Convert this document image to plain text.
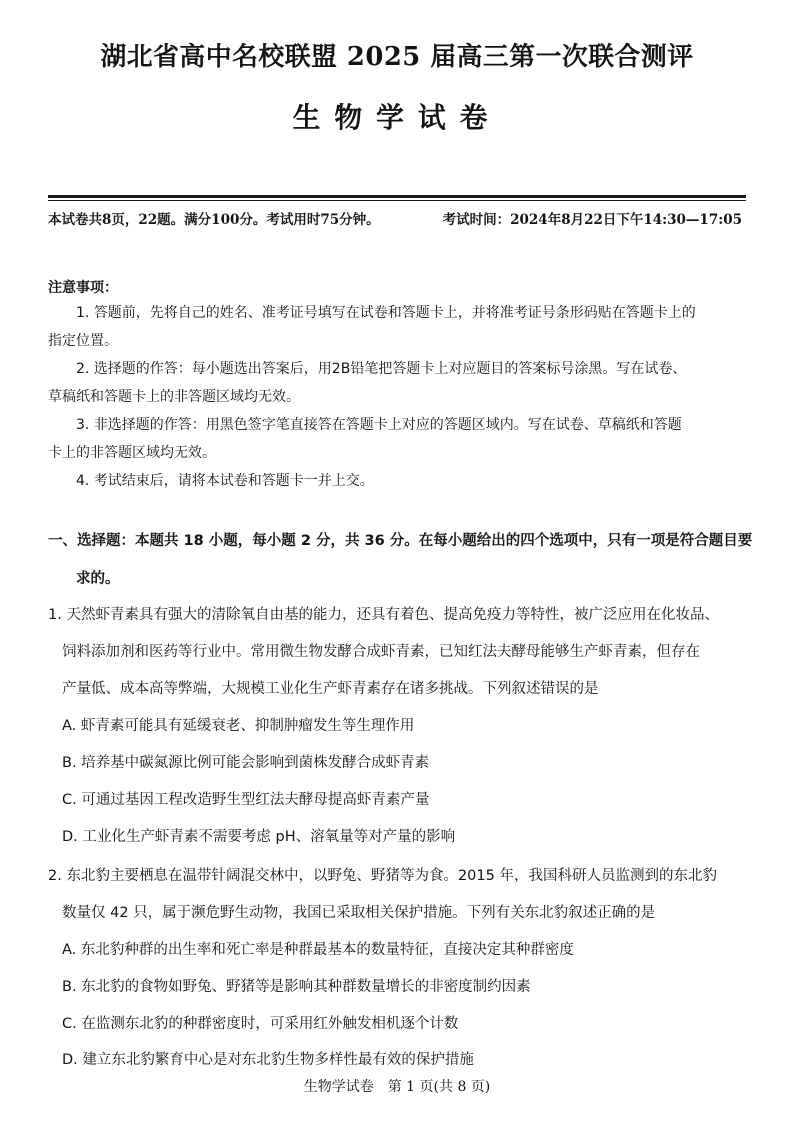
湖北省高中名校联盟 2025 届高三第一次联合测评
生物学试卷
本试卷共8页，22题。满分100分。考试用时75分钟。	考试时间：2024年8月22日下午14:30—17:05
注意事项：
1. 答题前，先将自己的姓名、准考证号填写在试卷和答题卡上，并将准考证号条形码贴在答题卡上的
指定位置。
2. 选择题的作答：每小题选出答案后，用2B铅笔把答题卡上对应题目的答案标号涂黑。写在试卷、
草稿纸和答题卡上的非答题区域均无效。
3. 非选择题的作答：用黑色签字笔直接答在答题卡上对应的答题区域内。写在试卷、草稿纸和答题
卡上的非答题区域均无效。
4. 考试结束后，请将本试卷和答题卡一并上交。
一、选择题：本题共 18 小题，每小题 2 分，共 36 分。在每小题给出的四个选项中，只有一项是符合题目要
求的。
1. 天然虾青素具有强大的清除氧自由基的能力，还具有着色、提高免疫力等特性，被广泛应用在化妆品、
饲料添加剂和医药等行业中。常用微生物发酵合成虾青素，已知红法夫酵母能够生产虾青素，但存在
产量低、成本高等弊端，大规模工业化生产虾青素存在诸多挑战。下列叙述错误的是
A. 虾青素可能具有延缓衰老、抑制肿瘤发生等生理作用
B. 培养基中碳氮源比例可能会影响到菌株发酵合成虾青素
C. 可通过基因工程改造野生型红法夫酵母提高虾青素产量
D. 工业化生产虾青素不需要考虑 pH、溶氧量等对产量的影响
2. 东北豹主要栖息在温带针阔混交林中，以野兔、野猪等为食。2015 年，我国科研人员监测到的东北豹
数量仅 42 只，属于濒危野生动物，我国已采取相关保护措施。下列有关东北豹叙述正确的是
A. 东北豹种群的出生率和死亡率是种群最基本的数量特征，直接决定其种群密度
B. 东北豹的食物如野兔、野猪等是影响其种群数量增长的非密度制约因素
C. 在监测东北豹的种群密度时，可采用红外触发相机逐个计数
D. 建立东北豹繁育中心是对东北豹生物多样性最有效的保护措施
生物学试卷　第 1 页(共 8 页)
